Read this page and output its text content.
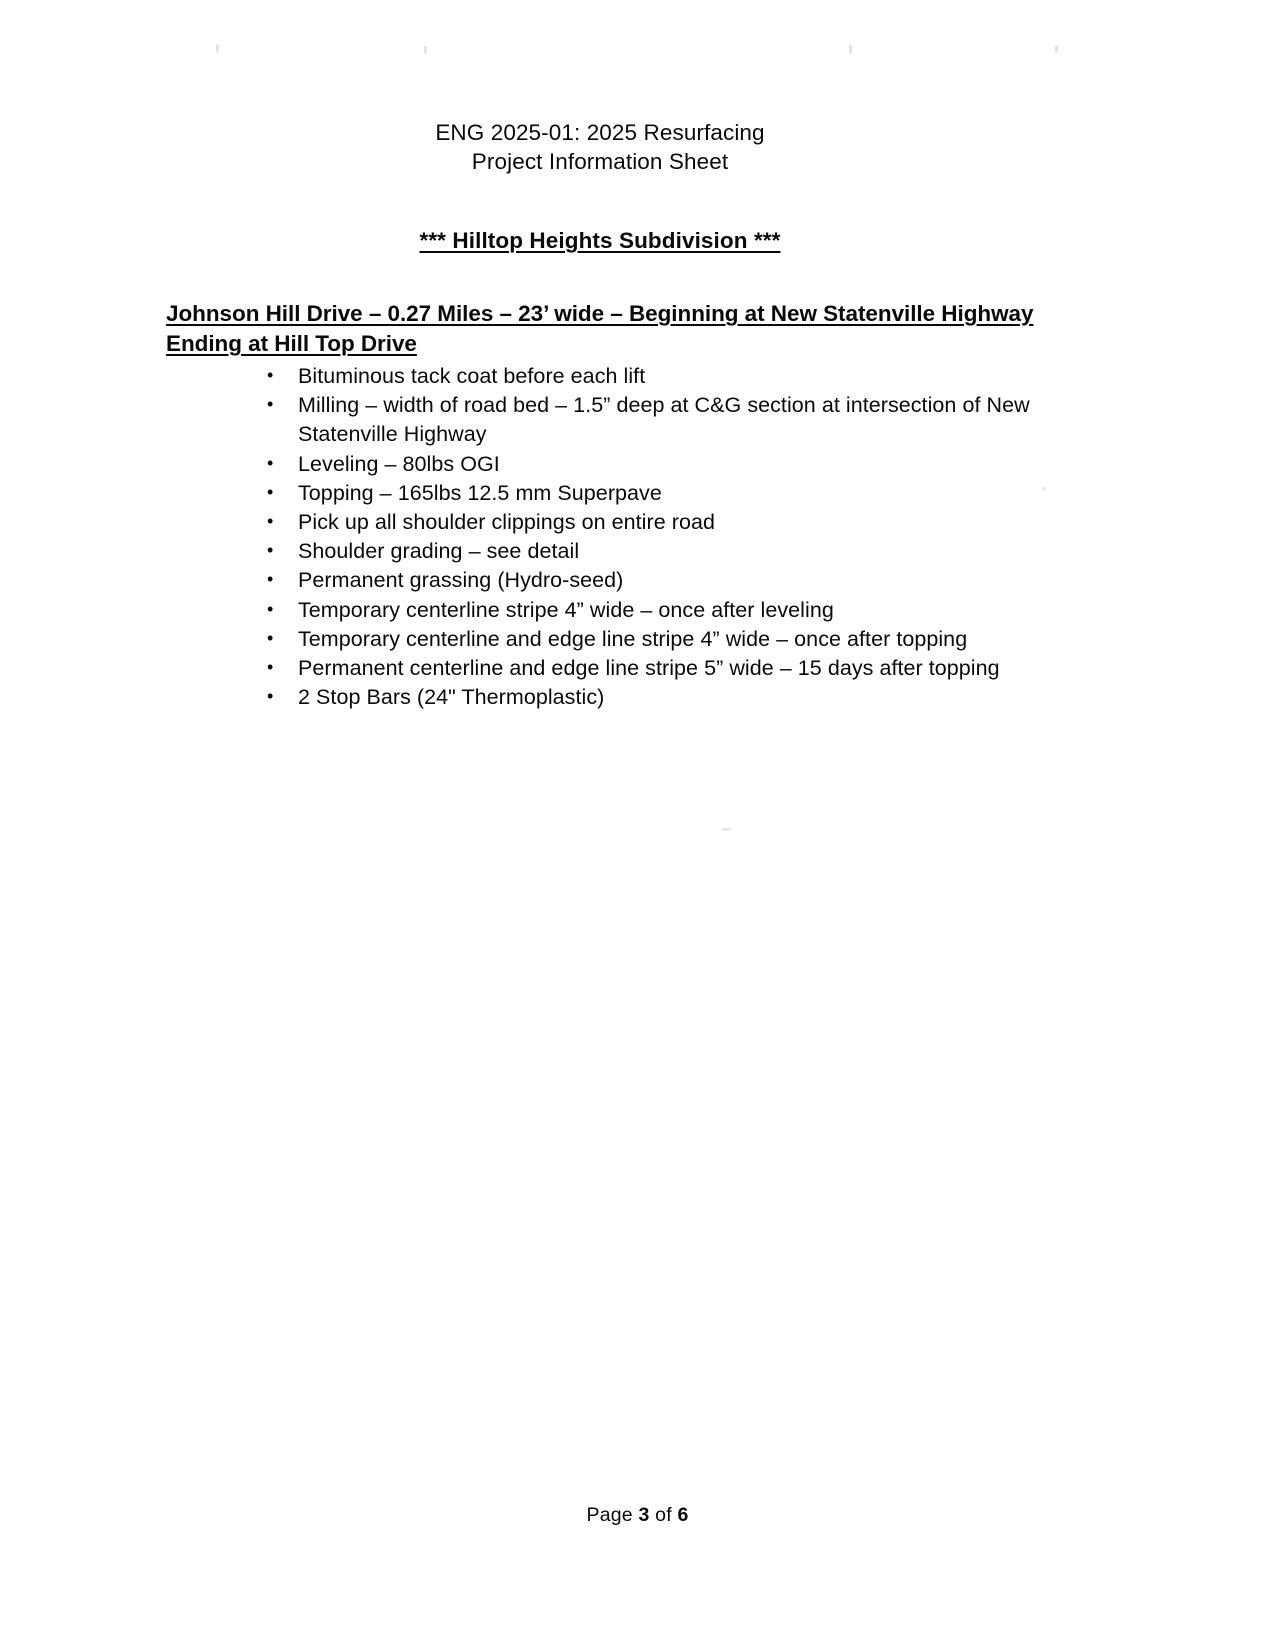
ENG 2025-01: 2025 Resurfacing
Project Information Sheet
*** Hilltop Heights Subdivision ***
Johnson Hill Drive – 0.27 Miles – 23’ wide – Beginning at New Statenville Highway Ending at Hill Top Drive
• Bituminous tack coat before each lift
• Milling – width of road bed – 1.5” deep at C&G section at intersection of New Statenville Highway
• Leveling – 80lbs OGI
• Topping – 165lbs 12.5 mm Superpave
• Pick up all shoulder clippings on entire road
• Shoulder grading – see detail
• Permanent grassing (Hydro-seed)
• Temporary centerline stripe 4” wide – once after leveling
• Temporary centerline and edge line stripe 4” wide – once after topping
• Permanent centerline and edge line stripe 5” wide – 15 days after topping
• 2 Stop Bars (24" Thermoplastic)
Page 3 of 6
